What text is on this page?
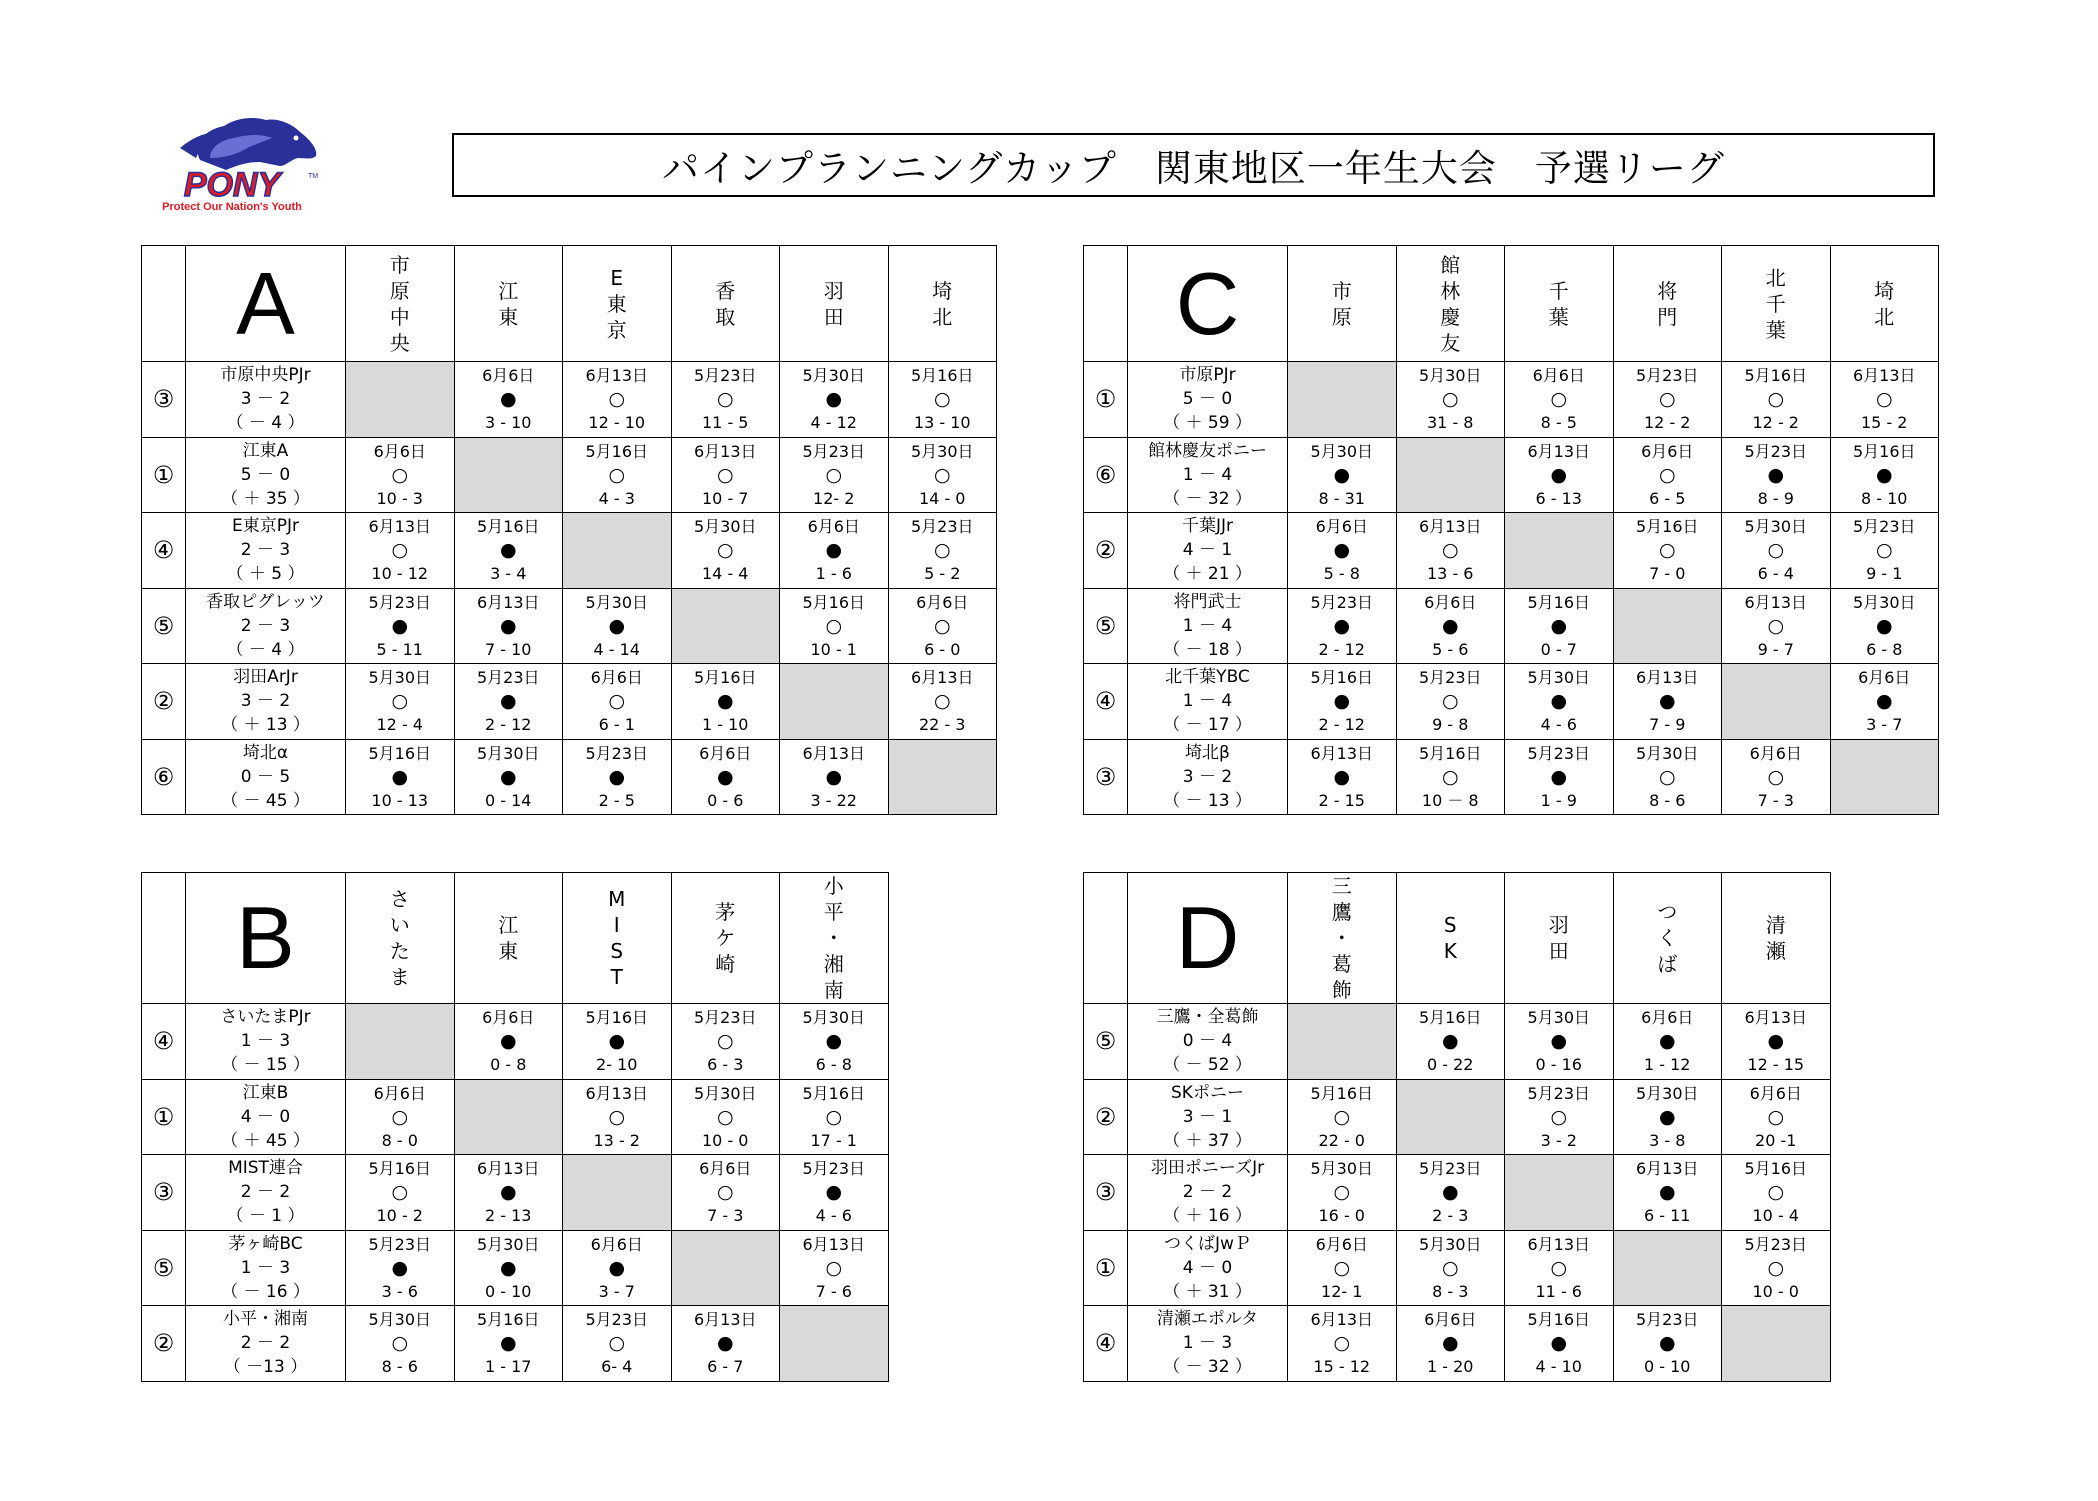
PONY	TM
Protect Our Nation's Youth
パインプランニングカップ　関東地区一年生大会　予選リーグ
	A	市
原
中
央	江
東	E
東
京	香
取	羽
田	埼
北

③	市原中央PJr
3 － 2
（ － 4 ）		6月6日
●
3 - 10	6月13日
○
12 - 10	5月23日
○
11 - 5	5月30日
●
4 - 12	5月16日
○
13 - 10

①	江東A
5 － 0
（ ＋ 35 ）	6月6日
○
10 - 3		5月16日
○
4 - 3	6月13日
○
10 - 7	5月23日
○
12- 2	5月30日
○
14 - 0

④	E東京PJr
2 － 3
（ ＋ 5 ）	6月13日
○
10 - 12	5月16日
●
3 - 4		5月30日
○
14 - 4	6月6日
●
1 - 6	5月23日
○
5 - 2

⑤	香取ピグレッツ
2 － 3
（ － 4 ）	5月23日
●
5 - 11	6月13日
●
7 - 10	5月30日
●
4 - 14		5月16日
○
10 - 1	6月6日
○
6 - 0

②	羽田ArJr
3 － 2
（ ＋ 13 ）	5月30日
○
12 - 4	5月23日
●
2 - 12	6月6日
○
6 - 1	5月16日
●
1 - 10		6月13日
○
22 - 3

⑥	埼北α
0 － 5
（ － 45 ）	5月16日
●
10 - 13	5月30日
●
0 - 14	5月23日
●
2 - 5	6月6日
●
0 - 6	6月13日
●
3 - 22	

	C	市
原	館
林
慶
友	千
葉	将
門	北
千
葉	埼
北

①	市原PJr
5 － 0
（ ＋ 59 ）		5月30日
○
31 - 8	6月6日
○
8 - 5	5月23日
○
12 - 2	5月16日
○
12 - 2	6月13日
○
15 - 2

⑥	館林慶友ポニー
1 － 4
（ － 32 ）	5月30日
●
8 - 31		6月13日
●
6 - 13	6月6日
○
6 - 5	5月23日
●
8 - 9	5月16日
●
8 - 10

②	千葉JJr
4 － 1
（ ＋ 21 ）	6月6日
●
5 - 8	6月13日
○
13 - 6		5月16日
○
7 - 0	5月30日
○
6 - 4	5月23日
○
9 - 1

⑤	将門武士
1 － 4
（ － 18 ）	5月23日
●
2 - 12	6月6日
●
5 - 6	5月16日
●
0 - 7		6月13日
○
9 - 7	5月30日
●
6 - 8

④	北千葉YBC
1 － 4
（ － 17 ）	5月16日
●
2 - 12	5月23日
○
9 - 8	5月30日
●
4 - 6	6月13日
●
7 - 9		6月6日
●
3 - 7

③	埼北β
3 － 2
（ － 13 ）	6月13日
●
2 - 15	5月16日
○
10 － 8	5月23日
●
1 - 9	5月30日
○
8 - 6	6月6日
○
7 - 3	

	B	さ
い
た
ま	江
東	M
I
S
T	茅
ケ
崎	小
平
・
湘
南

④	さいたまPJr
1 － 3
（ － 15 ）		6月6日
●
0 - 8	5月16日
●
2- 10	5月23日
○
6 - 3	5月30日
●
6 - 8

①	江東B
4 － 0
（ ＋ 45 ）	6月6日
○
8 - 0		6月13日
○
13 - 2	5月30日
○
10 - 0	5月16日
○
17 - 1

③	MIST連合
2 － 2
（ － 1 ）	5月16日
○
10 - 2	6月13日
●
2 - 13		6月6日
○
7 - 3	5月23日
●
4 - 6

⑤	茅ヶ崎BC
1 － 3
（ － 16 ）	5月23日
●
3 - 6	5月30日
●
0 - 10	6月6日
●
3 - 7		6月13日
○
7 - 6

②	小平・湘南
2 － 2
（ －13 ）	5月30日
○
8 - 6	5月16日
●
1 - 17	5月23日
○
6- 4	6月13日
●
6 - 7	

	D	三
鷹
・
葛
飾	S
K	羽
田	つ
く
ば	清
瀬

⑤	三鷹・全葛飾
0 － 4
（ － 52 ）		5月16日
●
0 - 22	5月30日
●
0 - 16	6月6日
●
1 - 12	6月13日
●
12 - 15

②	SKポニー
3 － 1
（ ＋ 37 ）	5月16日
○
22 - 0		5月23日
○
3 - 2	5月30日
●
3 - 8	6月6日
○
20 -1

③	羽田ポニーズJr
2 － 2
（ ＋ 16 ）	5月30日
○
16 - 0	5月23日
●
2 - 3		6月13日
●
6 - 11	5月16日
○
10 - 4

①	つくばJwＰ
4 － 0
（ ＋ 31 ）	6月6日
○
12- 1	5月30日
○
8 - 3	6月13日
○
11 - 6		5月23日
○
10 - 0

④	清瀬エポルタ
1 － 3
（ － 32 ）	6月13日
○
15 - 12	6月6日
●
1 - 20	5月16日
●
4 - 10	5月23日
●
0 - 10	
